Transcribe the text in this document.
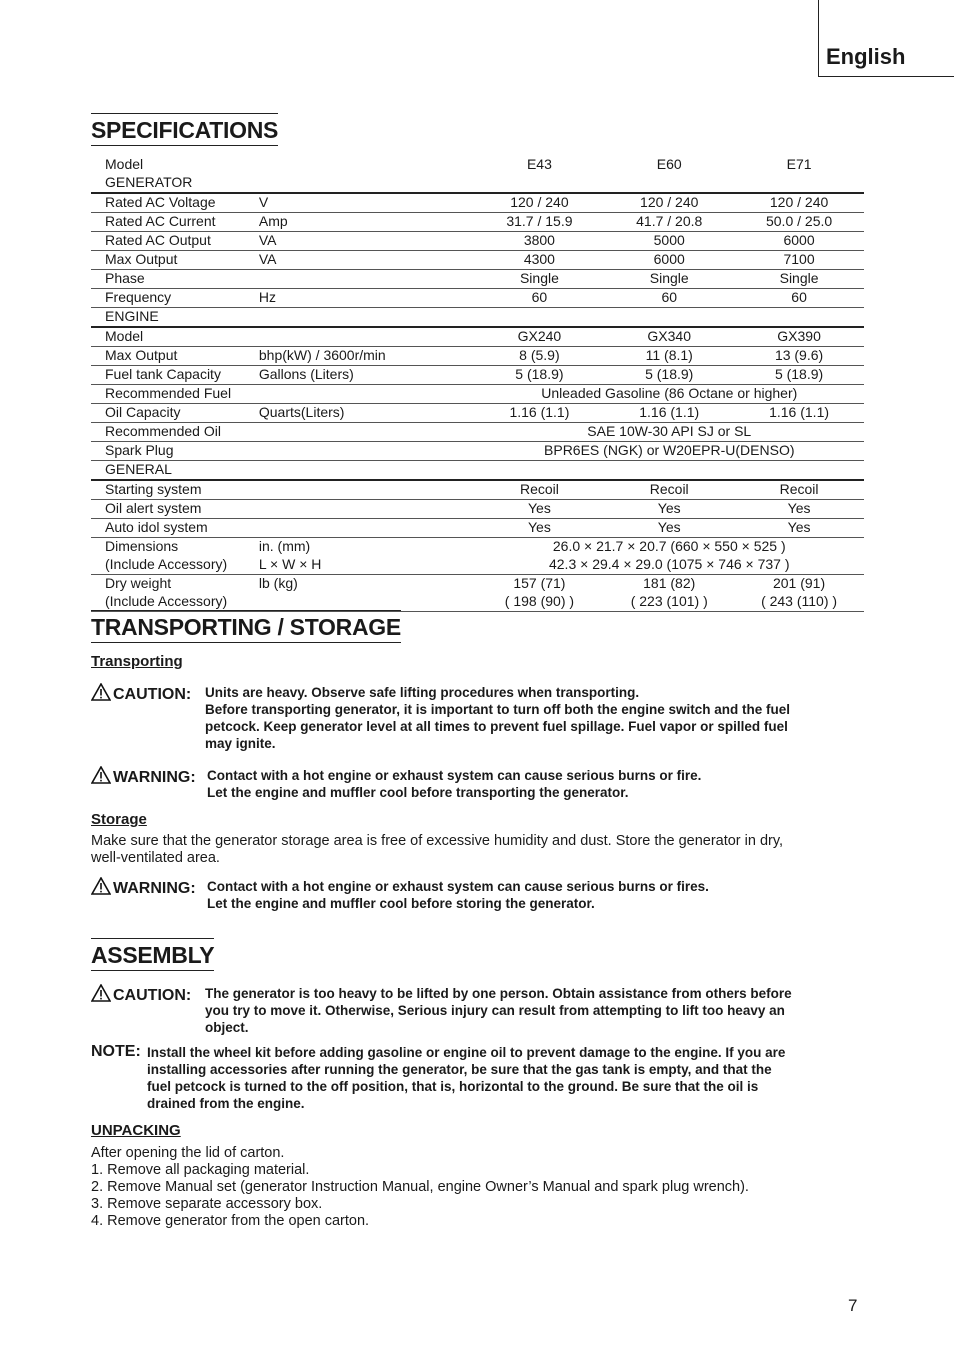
English
SPECIFICATIONS
Model		E43	E60	E71
GENERATOR				
Rated AC Voltage	V	120 / 240	120 / 240	120 / 240
Rated AC Current	Amp	31.7 / 15.9	41.7 / 20.8	50.0 / 25.0
Rated AC Output	VA	3800	5000	6000
Max Output	VA	4300	6000	7100
Phase		Single	Single	Single
Frequency	Hz	60	60	60
ENGINE				
Model		GX240	GX340	GX390
Max Output	bhp(kW) / 3600r/min	8 (5.9)	11 (8.1)	13 (9.6)
Fuel tank Capacity	Gallons (Liters)	5 (18.9)	5 (18.9)	5 (18.9)
Recommended Fuel		Unleaded Gasoline (86 Octane or higher)		
Oil Capacity	Quarts(Liters)	1.16 (1.1)	1.16 (1.1)	1.16 (1.1)
Recommended Oil		SAE 10W-30 API SJ or SL		
Spark Plug		BPR6ES (NGK) or W20EPR-U(DENSO)		
GENERAL				
Starting system		Recoil	Recoil	Recoil
Oil alert system		Yes	Yes	Yes
Auto idol system		Yes	Yes	Yes
Dimensions	in. (mm)	26.0 × 21.7 × 20.7 (660 × 550 × 525 )		
(Include Accessory)	L × W × H	42.3 × 29.4 × 29.0 (1075 × 746 × 737 )		
Dry weight	lb (kg)	157 (71)	181 (82)	201 (91)
(Include Accessory)		( 198 (90) )	( 223 (101) )	( 243 (110) )
TRANSPORTING / STORAGE
Transporting
CAUTION: Units are heavy. Observe safe lifting procedures when transporting.

Before transporting generator, it is important to turn off both the engine switch and the fuel

petcock. Keep generator level at all times to prevent fuel spillage. Fuel vapor or spilled fuel

may ignite.

WARNING: Contact with a hot engine or exhaust system can cause serious burns or fire.

Let the engine and muffler cool before transporting the generator.

Storage

Make sure that the generator storage area is free of excessive humidity and dust. Store the generator in dry,

well-ventilated area.

WARNING: Contact with a hot engine or exhaust system can cause serious burns or fires.

Let the engine and muffler cool before storing the generator.

ASSEMBLY
CAUTION: The generator is too heavy to be lifted by one person. Obtain assistance from others before

you try to move it. Otherwise, Serious injury can result from attempting to lift too heavy an

object.

NOTE: Install the wheel kit before adding gasoline or engine oil to prevent damage to the engine. If you are

installing accessories after running the generator, be sure that the gas tank is empty, and that the

fuel petcock is turned to the off position, that is, horizontal to the ground. Be sure that the oil is

drained from the engine.

UNPACKING

After opening the lid of carton.

1. Remove all packaging material.

2. Remove Manual set (generator Instruction Manual, engine Owner’s Manual and spark plug wrench).

3. Remove separate accessory box.

4. Remove generator from the open carton.

7
